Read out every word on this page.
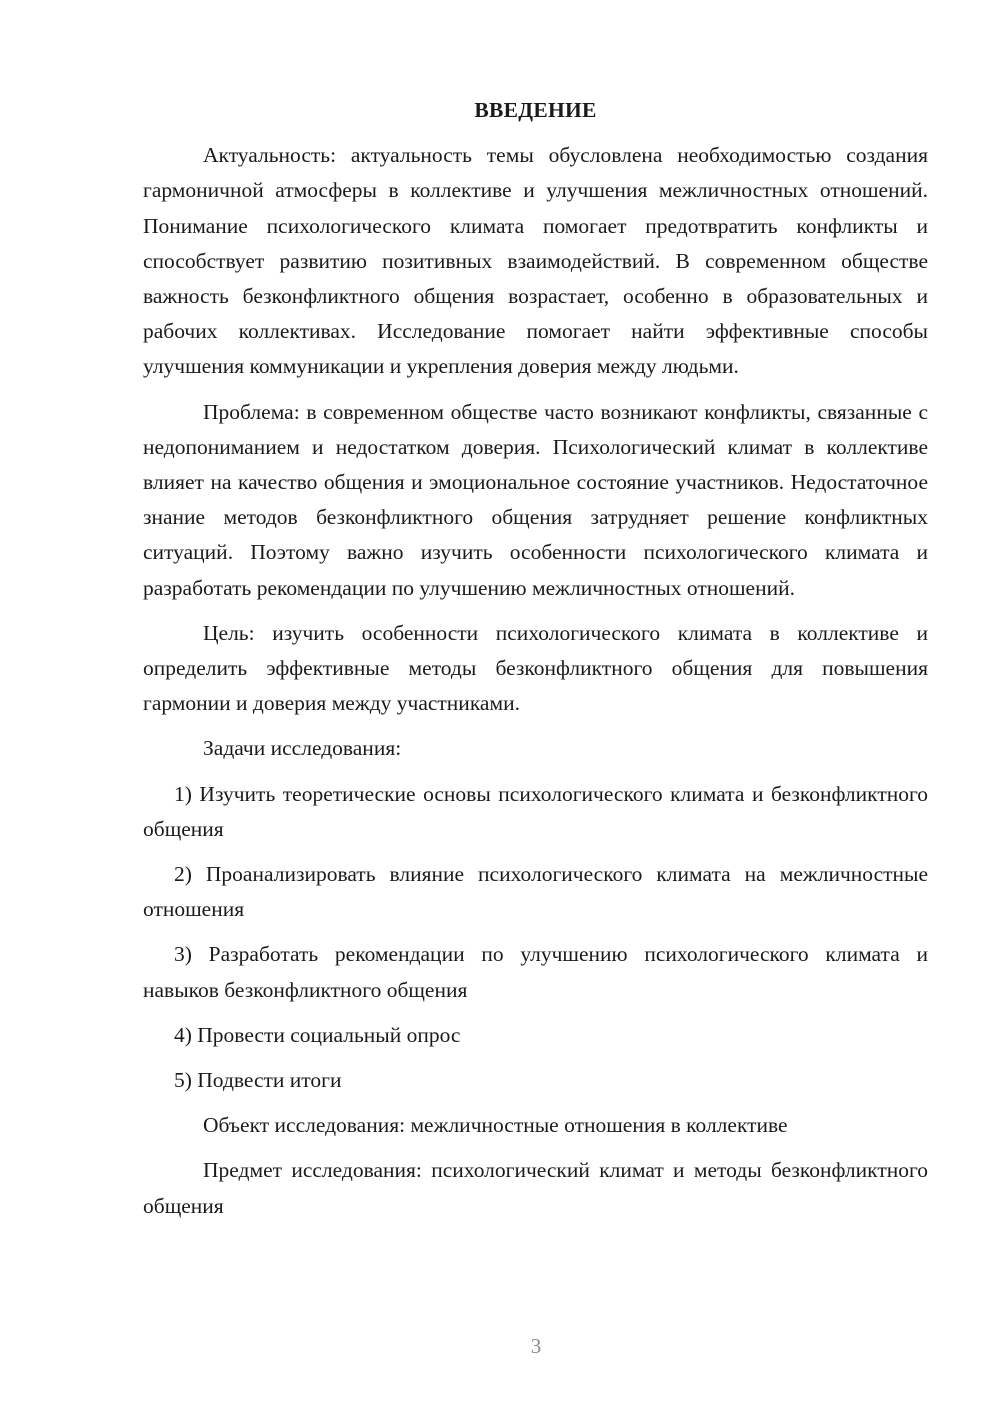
ВВЕДЕНИЕ

Актуальность: актуальность темы обусловлена необходимостью создания гармоничной атмосферы в коллективе и улучшения межличностных отношений. Понимание психологического климата помогает предотвратить конфликты и способствует развитию позитивных взаимодействий. В современном обществе важность безконфликтного общения возрастает, особенно в образовательных и рабочих коллективах. Исследование помогает найти эффективные способы улучшения коммуникации и укрепления доверия между людьми.

Проблема: в современном обществе часто возникают конфликты, связанные с недопониманием и недостатком доверия. Психологический климат в коллективе влияет на качество общения и эмоциональное состояние участников. Недостаточное знание методов безконфликтного общения затрудняет решение конфликтных ситуаций. Поэтому важно изучить особенности психологического климата и разработать рекомендации по улучшению межличностных отношений.

Цель: изучить особенности психологического климата в коллективе и определить эффективные методы безконфликтного общения для повышения гармонии и доверия между участниками.

Задачи исследования:

1) Изучить теоретические основы психологического климата и безконфликтного общения

2) Проанализировать влияние психологического климата на межличностные отношения

3) Разработать рекомендации по улучшению психологического климата и навыков безконфликтного общения

4) Провести социальный опрос

5) Подвести итоги

Объект исследования: межличностные отношения в коллективе

Предмет исследования: психологический климат и методы безконфликтного общения

3
